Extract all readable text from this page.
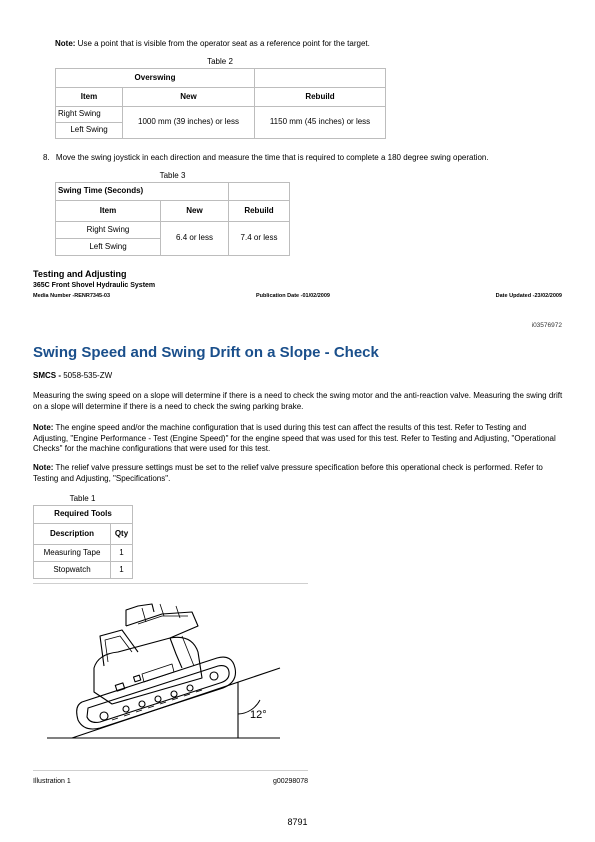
Note: Use a point that is visible from the operator seat as a reference point for the target.
Table 2
Overswing		
Item	New	Rebuild
Right Swing	1000 mm (39 inches) or less	1150 mm (45 inches) or less
Left Swing		
8. Move the swing joystick in each direction and measure the time that is required to complete a 180 degree swing operation.
Table 3
Swing Time (Seconds)		
Item	New	Rebuild
Right Swing	6.4 or less	7.4 or less
Left Swing		
Testing and Adjusting
365C Front Shovel Hydraulic System
Media Number -RENR7345-03	Publication Date -01/02/2009	Date Updated -23/02/2009
i03576972
Swing Speed and Swing Drift on a Slope - Check
SMCS - 5058-535-ZW

Measuring the swing speed on a slope will determine if there is a need to check the swing motor and the anti-reaction valve. Measuring the swing drift on a slope will determine if there is a need to check the swing parking brake.

Note: The engine speed and/or the machine configuration that is used during this test can affect the results of this test. Refer to Testing and Adjusting, "Engine Performance - Test (Engine Speed)" for the engine speed that was used for this test. Refer to Testing and Adjusting, "Operational Checks" for the machine configurations that were used for this test.

Note: The relief valve pressure settings must be set to the relief valve pressure specification before this operational check is performed. Refer to Testing and Adjusting, "Specifications".

Table 1
Required Tools	
Description	Qty
Measuring Tape	1
Stopwatch	1
12°
Illustration 1	g00298078
8791
